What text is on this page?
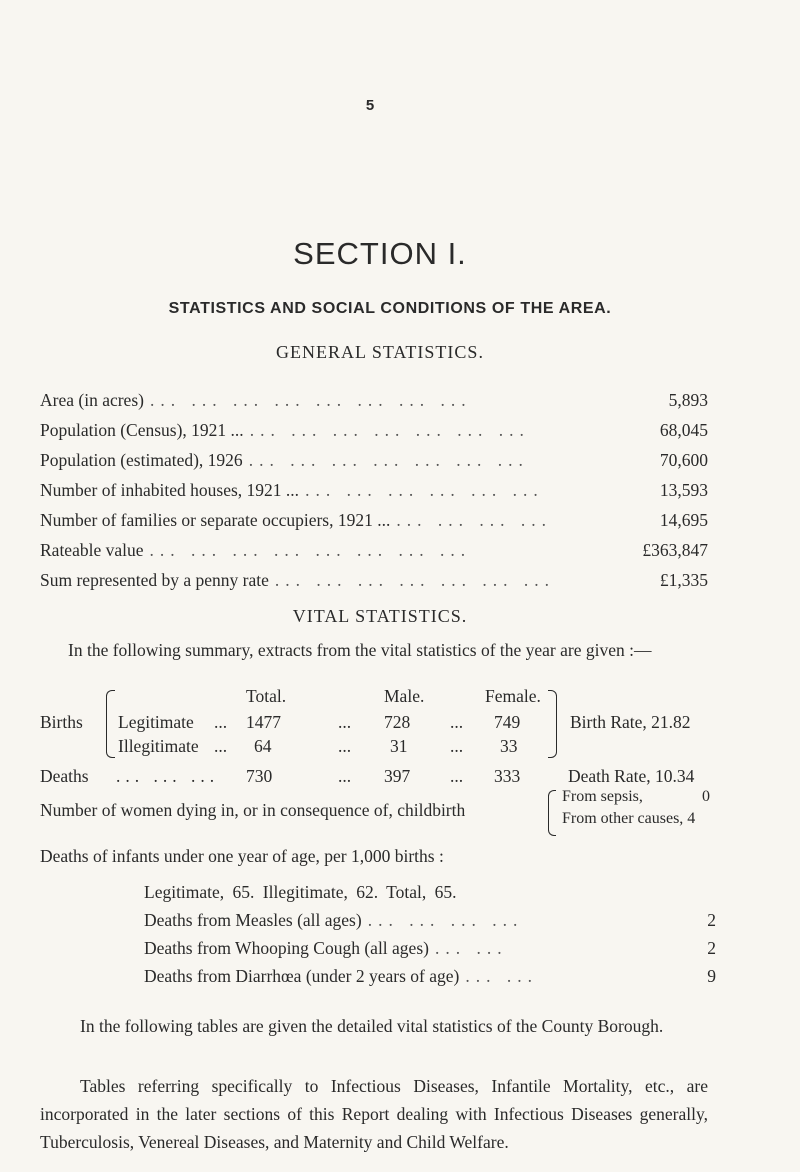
5
SECTION I.
STATISTICS AND SOCIAL CONDITIONS OF THE AREA.
GENERAL STATISTICS.
Area (in acres) ... ... ... ... ... ... ... ...	5,893
Population (Census), 1921 ... ... ... ... ... ... ... ...	68,045
Population (estimated), 1926 ... ... ... ... ... ... ...	70,600
Number of inhabited houses, 1921 ... ... ... ... ... ... ...	13,593
Number of families or separate occupiers, 1921 ... ... ... ... ...	14,695
Rateable value ... ... ... ... ... ... ... ...	£363,847
Sum represented by a penny rate ... ... ... ... ... ... ...	£1,335
VITAL STATISTICS.
In the following summary, extracts from the vital statistics of the year are given :—
Total.	Male.	Female.
Births Legitimate ... 1477	... 728 ... 749
Illegitimate ... 64	... 31 ... 33
Birth Rate, 21.82
Deaths ... ... ... 730	... 397 ... 333	Death Rate, 10.34
Number of women dying in, or in consequence of, childbirth
From sepsis,	0
From other causes, 4
Deaths of infants under one year of age, per 1,000 births :
Legitimate, 65. Illegitimate, 62. Total, 65.
Deaths from Measles (all ages) ... ... ... ...	2
Deaths from Whooping Cough (all ages) ... ...	2
Deaths from Diarrhœa (under 2 years of age) ... ...	9
In the following tables are given the detailed vital statistics of the County Borough.
Tables referring specifically to Infectious Diseases, Infantile Mortality, etc., are incorporated in the later sections of this Report dealing with Infectious Diseases generally, Tuberculosis, Venereal Diseases, and Maternity and Child Welfare.
